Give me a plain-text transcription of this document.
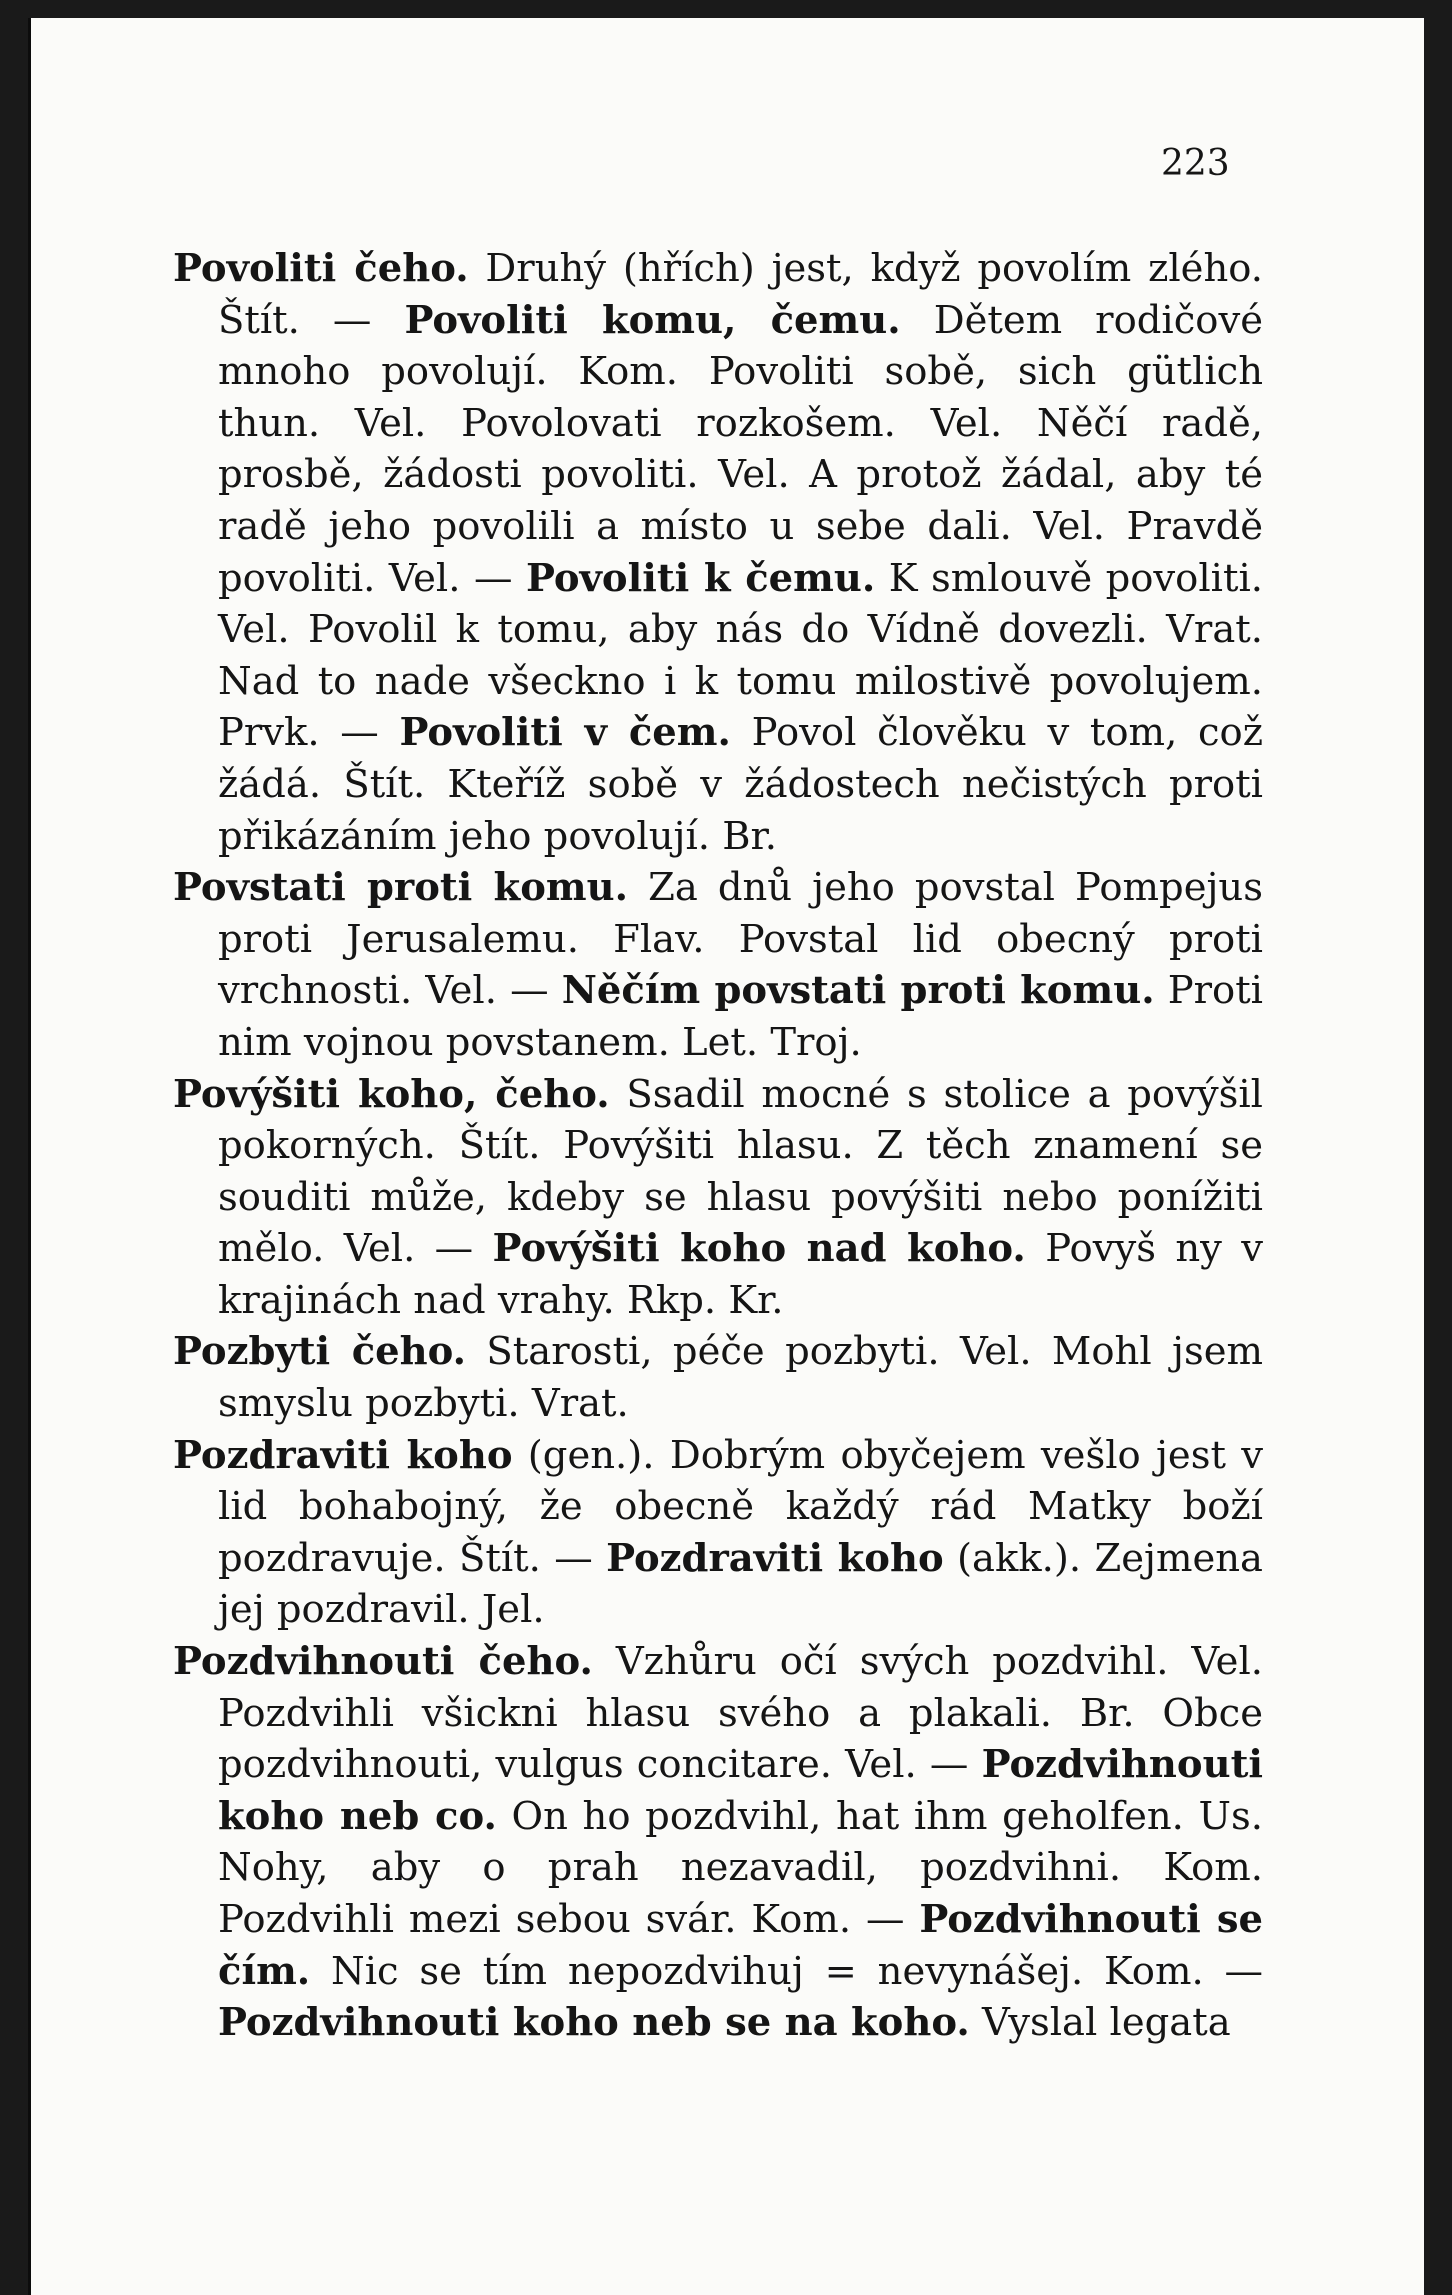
223

Povoliti čeho. Druhý (hřích) jest, když povolím zlého. Štít. — Povoliti komu, čemu. Dětem rodičové mnoho povolují. Kom. Povoliti sobě, sich gütlich thun. Vel. Povolovati rozkošem. Vel. Něčí radě, prosbě, žádosti povoliti. Vel. A protož žádal, aby té radě jeho povolili a místo u sebe dali. Vel. Pravdě povoliti. Vel. — Povoliti k čemu. K smlouvě povoliti. Vel. Povolil k tomu, aby nás do Vídně dovezli. Vrat. Nad to nade všeckno i k tomu milostivě povolujem. Prvk. — Povoliti v čem. Povol člověku v tom, což žádá. Štít. Kteříž sobě v žádostech nečistých proti přikázáním jeho povolují. Br.

Povstati proti komu. Za dnů jeho povstal Pompejus proti Jerusalemu. Flav. Povstal lid obecný proti vrchnosti. Vel. — Něčím povstati proti komu. Proti nim vojnou povstanem. Let. Troj.

Povýšiti koho, čeho. Ssadil mocné s stolice a povýšil pokorných. Štít. Povýšiti hlasu. Z těch znamení se souditi může, kdeby se hlasu povýšiti nebo ponížiti mělo. Vel. — Povýšiti koho nad koho. Povyš ny v krajinách nad vrahy. Rkp. Kr.

Pozbyti čeho. Starosti, péče pozbyti. Vel. Mohl jsem smyslu pozbyti. Vrat.

Pozdraviti koho (gen.). Dobrým obyčejem vešlo jest v lid bohabojný, že obecně každý rád Matky boží pozdravuje. Štít. — Pozdraviti koho (akk.). Zejmena jej pozdravil. Jel.

Pozdvihnouti čeho. Vzhůru očí svých pozdvihl. Vel. Pozdvihli všickni hlasu svého a plakali. Br. Obce pozdvihnouti, vulgus concitare. Vel. — Pozdvihnouti koho neb co. On ho pozdvihl, hat ihm geholfen. Us. Nohy, aby o prah nezavadil, pozdvihni. Kom. Pozdvihli mezi sebou svár. Kom. — Pozdvihnouti se čím. Nic se tím nepozdvihuj = nevynášej. Kom. — Pozdvihnouti koho neb se na koho. Vyslal legata
